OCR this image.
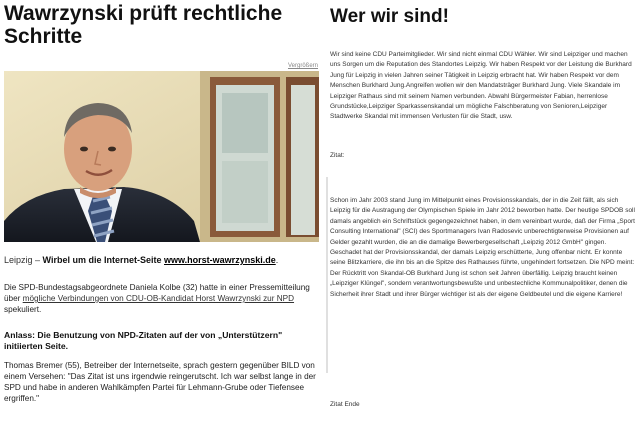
Wawrzynski prüft rechtliche Schritte
Vergrößern

Leipzig – Wirbel um die Internet-Seite www.horst-wawrzynski.de.

Die SPD-Bundestagsabgeordnete Daniela Kolbe (32) hatte in einer Pressemitteilung über mögliche Verbindungen von CDU-OB-Kandidat Horst Wawrzynski zur NPD spekuliert.

Anlass: Die Benutzung von NPD-Zitaten auf der von „Unterstützern" initiierten Seite.

Thomas Bremer (55), Betreiber der Internetseite, sprach gestern gegenüber BILD von einem Versehen: "Das Zitat ist uns irgendwie reingerutscht. Ich war selbst lange in der SPD und habe in anderen Wahlkämpfen Partei für Lehmann-Grube oder Tiefensee ergriffen."

Wer wir sind!

Wir sind keine CDU Parteimitglieder. Wir sind nicht einmal CDU Wähler. Wir sind Leipziger und machen uns Sorgen um die Reputation des Standortes Leipzig. Wir haben Respekt vor der Leistung die Burkhard Jung für Leipzig in vielen Jahren seiner Tätigkeit in Leipzig erbracht hat. Wir haben Respekt vor dem Menschen Burkhard Jung.Angreifen wollen wir den Mandatsträger Burkhard Jung. Viele Skandale im Leipziger Rathaus sind mit seinem Namen verbunden. Abwahl Bürgermeister Fabian, herrenlose Grundstücke,Leipziger Sparkassenskandal um mögliche Falschberatung von Senioren,Leipziger Stadtwerke Skandal mit immensen Verlusten für die Stadt, usw.

Zitat:

Schon im Jahr 2003 stand Jung im Mittelpunkt eines Provisionsskandals, der in die Zeit fällt, als sich Leipzig für die Austragung der Olympischen Spiele im Jahr 2012 beworben hatte. Der heutige SPDOB soll damals angeblich ein Schriftstück gegengezeichnet haben, in dem vereinbart wurde, daß der Firma „Sport Consulting International" (SCI) des Sportmanagers Ivan Radosevic unberechtigterweise Provisionen auf Gelder gezahlt wurden, die an die damalige Bewerbergesellschaft „Leipzig 2012 GmbH" gingen. Geschadet hat der Provisionsskandal, der damals Leipzig erschütterte, Jung offenbar nicht. Er konnte seine Blitzkarriere, die ihn bis an die Spitze des Rathauses führte, ungehindert fortsetzen. Die NPD meint: Der Rücktritt von Skandal-OB Burkhard Jung ist schon seit Jahren überfällig. Leipzig braucht keinen „Leipziger Klüngel", sondern verantwortungsbewußte und unbestechliche Kommunalpolitiker, denen die Sicherheit ihrer Stadt und ihrer Bürger wichtiger ist als der eigene Geldbeutel und die eigene Karriere!

Zitat Ende
